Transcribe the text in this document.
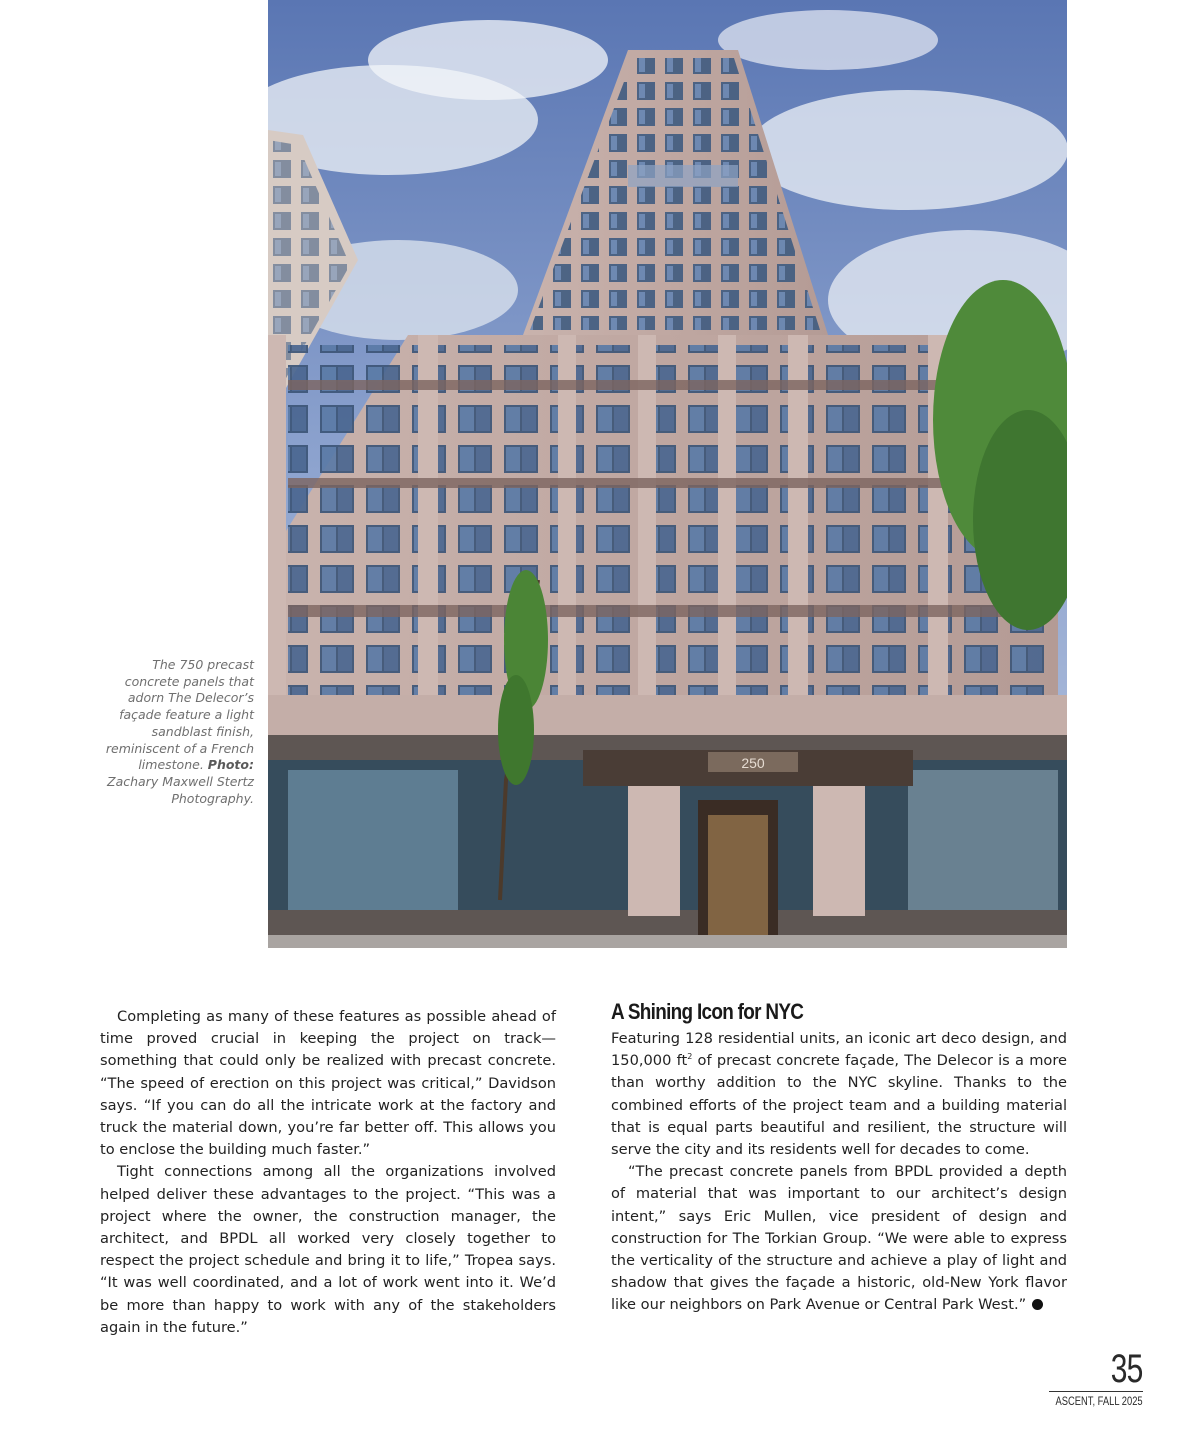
250
The 750 precast concrete panels that adorn The Delecor’s façade feature a light sandblast finish, reminiscent of a French limestone. Photo: Zachary Maxwell Stertz Photography.

Completing as many of these features as possible ahead of time proved crucial in keeping the project on track—something that could only be realized with precast concrete. “The speed of erection on this project was critical,” Davidson says. “If you can do all the intricate work at the factory and truck the material down, you’re far better off. This allows you to enclose the building much faster.”

Tight connections among all the organizations involved helped deliver these advantages to the project. “This was a project where the owner, the construction manager, the architect, and BPDL all worked very closely together to respect the project schedule and bring it to life,” Tropea says. “It was well coordinated, and a lot of work went into it. We’d be more than happy to work with any of the stakeholders again in the future.”

A Shining Icon for NYC

Featuring 128 residential units, an iconic art deco design, and 150,000 $ft^2$ of precast concrete façade, The Delecor is a more than worthy addition to the NYC skyline. Thanks to the combined efforts of the project team and a building material that is equal parts beautiful and resilient, the structure will serve the city and its residents well for decades to come.

“The precast concrete panels from BPDL provided a depth of material that was important to our architect’s design intent,” says Eric Mullen, vice president of design and construction for The Torkian Group. “We were able to express the verticality of the structure and achieve a play of light and shadow that gives the façade a historic, old-New York flavor like our neighbors on Park Avenue or Central Park West.”

35
ASCENT, FALL 2025
